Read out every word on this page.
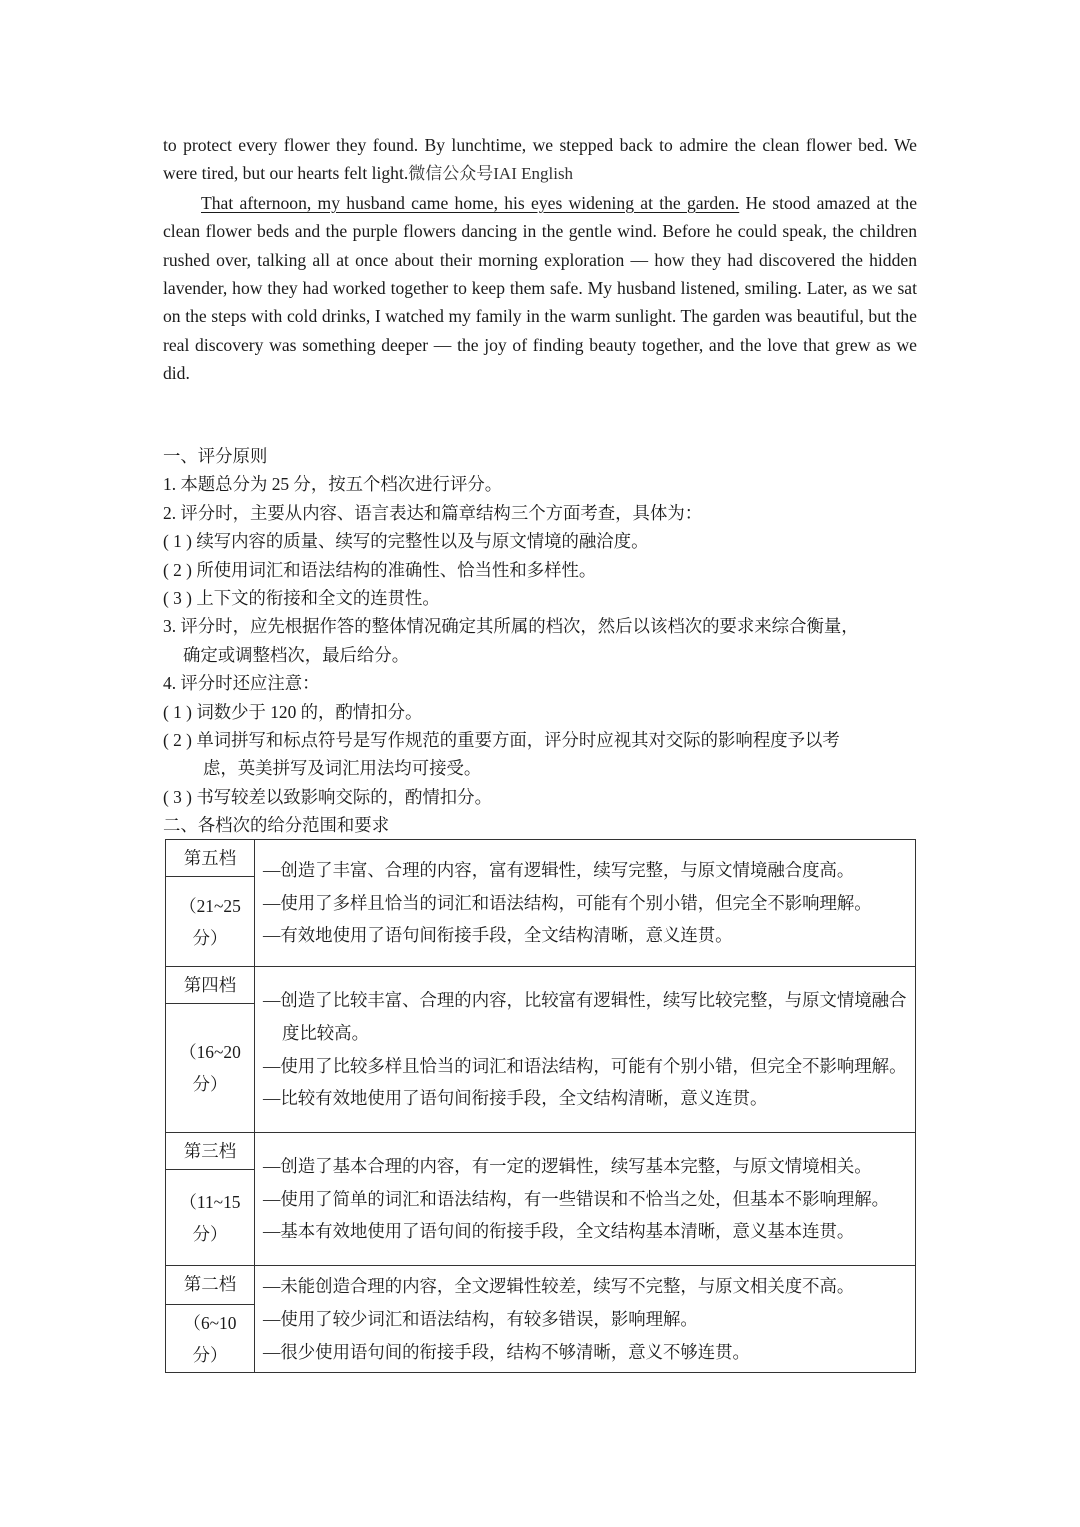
to protect every flower they found. By lunchtime, we stepped back to admire the clean flower bed. We were tired, but our hearts felt light.微信公众号IAI English

That afternoon, my husband came home, his eyes widening at the garden. He stood amazed at the clean flower beds and the purple flowers dancing in the gentle wind. Before he could speak, the children rushed over, talking all at once about their morning exploration — how they had discovered the hidden lavender, how they had worked together to keep them safe. My husband listened, smiling. Later, as we sat on the steps with cold drinks, I watched my family in the warm sunlight. The garden was beautiful, but the real discovery was something deeper — the joy of finding beauty together, and the love that grew as we did.

一、评分原则
1. 本题总分为 25 分，按五个档次进行评分。
2. 评分时，主要从内容、语言表达和篇章结构三个方面考查，具体为：
( 1 ) 续写内容的质量、续写的完整性以及与原文情境的融洽度。
( 2 ) 所使用词汇和语法结构的准确性、恰当性和多样性。
( 3 ) 上下文的衔接和全文的连贯性。
3. 评分时，应先根据作答的整体情况确定其所属的档次，然后以该档次的要求来综合衡量，
确定或调整档次，最后给分。
4. 评分时还应注意：
( 1 ) 词数少于 120 的，酌情扣分。
( 2 ) 单词拼写和标点符号是写作规范的重要方面，评分时应视其对交际的影响程度予以考
虑，英美拼写及词汇用法均可接受。
( 3 ) 书写较差以致影响交际的，酌情扣分。
二、各档次的给分范围和要求
第五档	—创造了丰富、合理的内容，富有逻辑性，续写完整，与原文情境融合度高。
—使用了多样且恰当的词汇和语法结构，可能有个别小错，但完全不影响理解。
—有效地使用了语句间衔接手段，全文结构清晰，意义连贯。

（21~25 分）	
第四档	—创造了比较丰富、合理的内容，比较富有逻辑性，续写比较完整，与原文情境融合度比较高。
—使用了比较多样且恰当的词汇和语法结构，可能有个别小错，但完全不影响理解。
—比较有效地使用了语句间衔接手段，全文结构清晰，意义连贯。

（16~20 分）	
第三档	—创造了基本合理的内容，有一定的逻辑性，续写基本完整，与原文情境相关。
—使用了简单的词汇和语法结构，有一些错误和不恰当之处，但基本不影响理解。
—基本有效地使用了语句间的衔接手段，全文结构基本清晰，意义基本连贯。

（11~15 分）	
第二档	—未能创造合理的内容，全文逻辑性较差，续写不完整，与原文相关度不高。
—使用了较少词汇和语法结构，有较多错误，影响理解。
—很少使用语句间的衔接手段，结构不够清晰，意义不够连贯。

（6~10 分）	
